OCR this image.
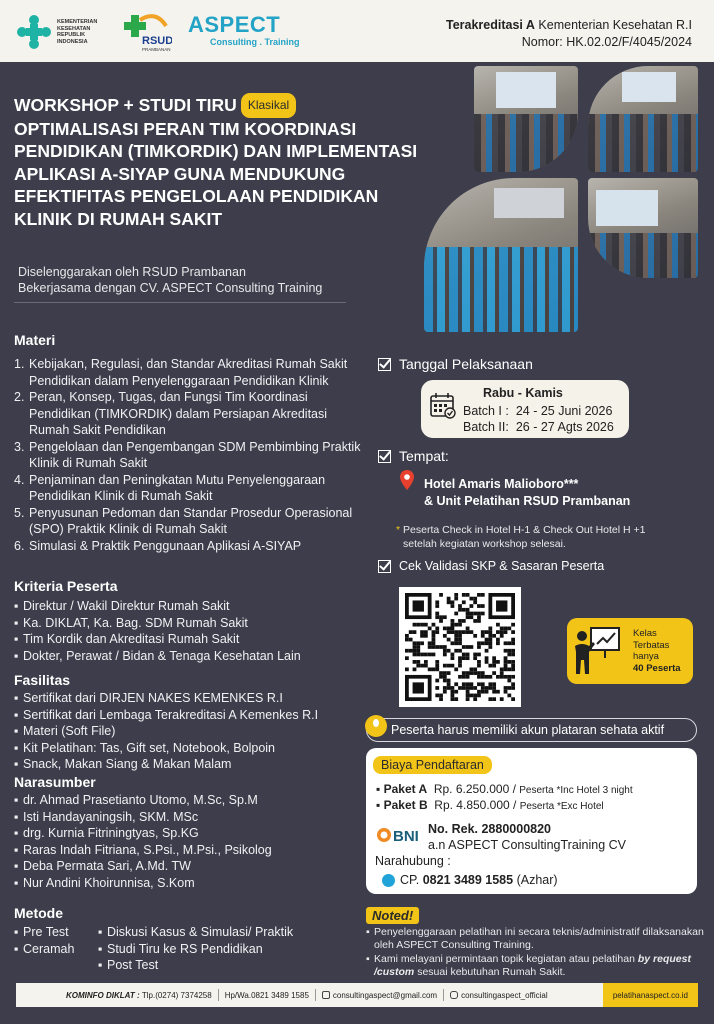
KEMENTERIAN
KESEHATAN
REPUBLIK
INDONESIA	RSUD
PRAMBANAN
ASPECT
Consulting . Training
Terakreditasi A Kementerian Kesehatan R.I
Nomor: HK.02.02/F/4045/2024
WORKSHOP + STUDI TIRU Klasikal
OPTIMALISASI PERAN TIM KOORDINASI
PENDIDIKAN (TIMKORDIK) DAN IMPLEMENTASI
APLIKASI A-SIYAP GUNA MENDUKUNG
EFEKTIFITAS PENGELOLAAN PENDIDIKAN
KLINIK DI RUMAH SAKIT
Diselenggarakan oleh RSUD Prambanan
Bekerjasama dengan CV. ASPECT Consulting Training
Materi
1. Kebijakan, Regulasi, dan Standar Akreditasi Rumah Sakit Pendidikan dalam Penyelenggaraan Pendidikan Klinik
2. Peran, Konsep, Tugas, dan Fungsi Tim Koordinasi Pendidikan (TIMKORDIK) dalam Persiapan Akreditasi Rumah Sakit Pendidikan
3. Pengelolaan dan Pengembangan SDM Pembimbing Praktik Klinik di Rumah Sakit
4. Penjaminan dan Peningkatan Mutu Penyelenggaraan Pendidikan Klinik di Rumah Sakit
5. Penyusunan Pedoman dan Standar Prosedur Operasional (SPO) Praktik Klinik di Rumah Sakit
6. Simulasi & Praktik Penggunaan Aplikasi A-SIYAP
Kriteria Peserta
▪ Direktur / Wakil Direktur Rumah Sakit
▪ Ka. DIKLAT, Ka. Bag. SDM Rumah Sakit
▪ Tim Kordik dan Akreditasi Rumah Sakit
▪ Dokter, Perawat / Bidan & Tenaga Kesehatan Lain
Fasilitas
▪ Sertifikat dari DIRJEN NAKES KEMENKES R.I
▪ Sertifikat dari Lembaga Terakreditasi A Kemenkes R.I
▪ Materi (Soft File)
▪ Kit Pelatihan: Tas, Gift set, Notebook, Bolpoin
▪ Snack, Makan Siang & Makan Malam
Narasumber
▪ dr. Ahmad Prasetianto Utomo, M.Sc, Sp.M
▪ Isti Handayaningsih, SKM. MSc
▪ drg. Kurnia Fitriningtyas, Sp.KG
▪ Raras Indah Fitriana, S.Psi., M.Psi., Psikolog
▪ Deba Permata Sari, A.Md. TW
▪ Nur Andini Khoirunnisa, S.Kom
Metode
▪ Pre Test
▪ Ceramah
▪ Diskusi Kasus & Simulasi/ Praktik
▪ Studi Tiru ke RS Pendidikan
▪ Post Test
Tanggal Pelaksanaan
Rabu - Kamis
Batch I : 24 - 25 Juni 2026
Batch II: 26 - 27 Agts 2026
Tempat:
Hotel Amaris Malioboro***
& Unit Pelatihan RSUD Prambanan
* Peserta Check in Hotel H-1 & Check Out Hotel H +1
setelah kegiatan workshop selesai.
Cek Validasi SKP & Sasaran Peserta
Kelas
Terbatas
hanya
40 Peserta
Peserta harus memiliki akun plataran sehata aktif
Biaya Pendaftaran
▪ Paket A Rp. 6.250.000 / Peserta *Inc Hotel 3 night
▪ Paket B Rp. 4.850.000 / Peserta *Exc Hotel
BNI No. Rek. 2880000820
a.n ASPECT ConsultingTraining CV
Narahubung :
CP.
0821 3489 1585
(Azhar)
Noted!
▪ Penyelenggaraan pelatihan ini secara teknis/administratif dilaksanakan oleh ASPECT Consulting Training.
▪ Kami melayani permintaan topik kegiatan atau pelatihan by request /custom sesuai kebutuhan Rumah Sakit.
KOMINFO DIKLAT :
Tlp.(0274) 7374258 Hp/Wa.0821 3489 1585	consultingaspect@gmail.com	consultingaspect_official	pelatihanaspect.co.id
